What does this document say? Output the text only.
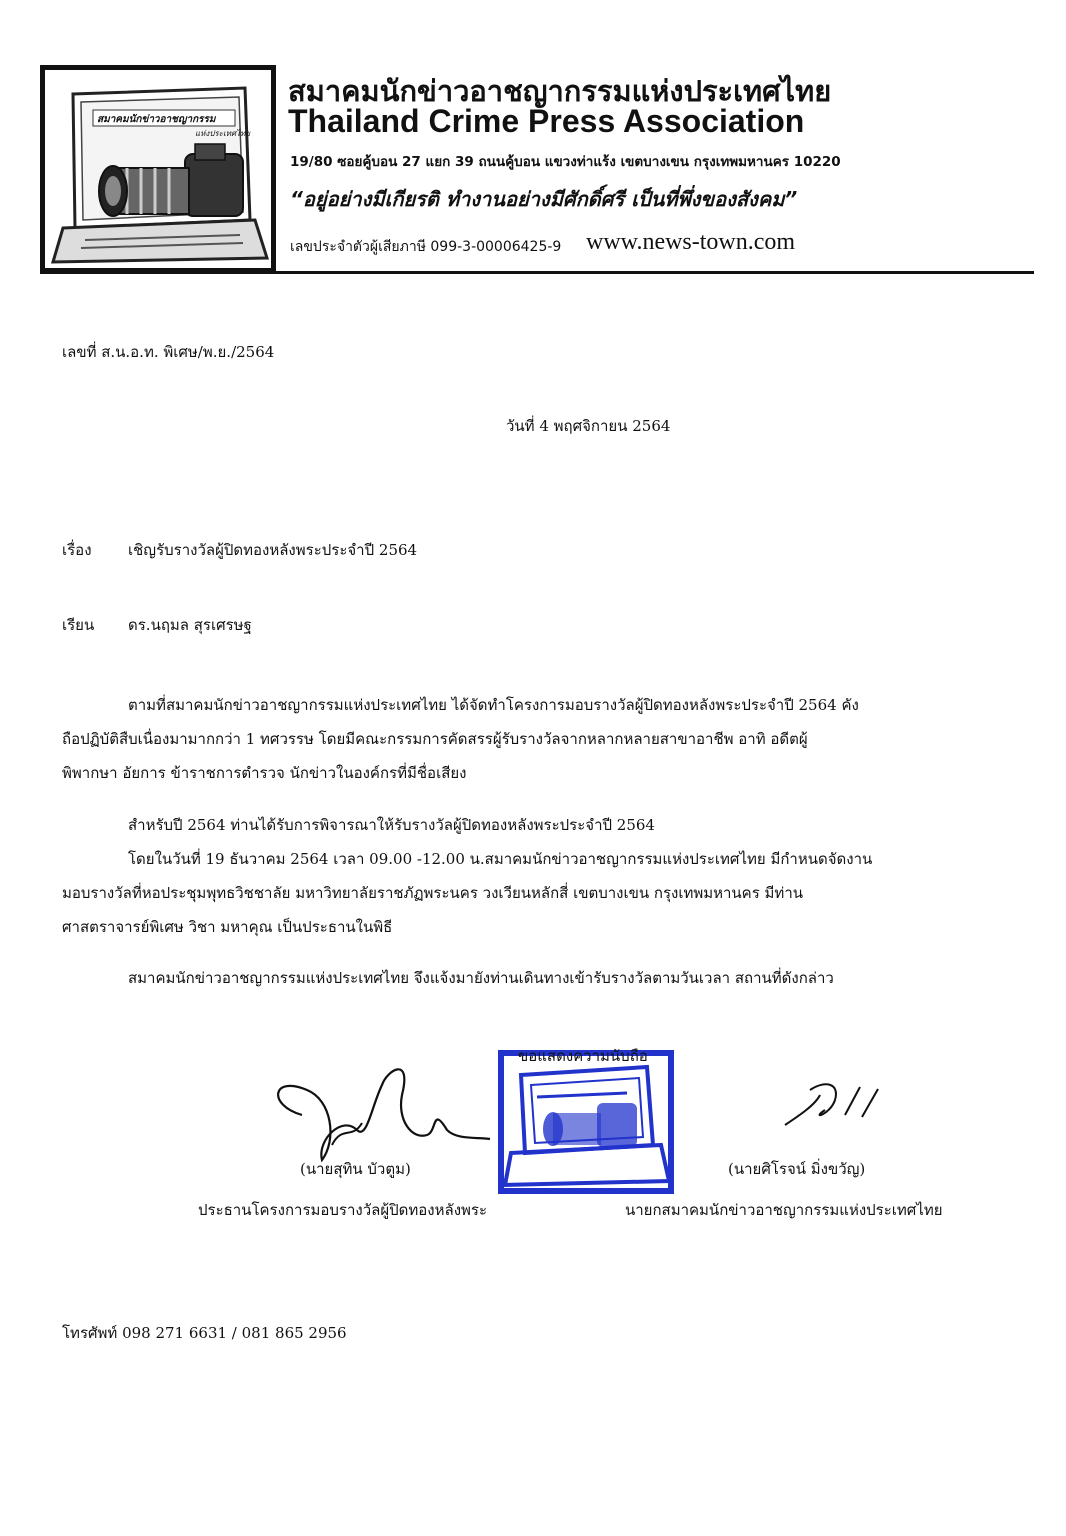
สมาคมนักข่าวอาชญากรรม
แห่งประเทศไทย
สมาคมนักข่าวอาชญากรรมแห่งประเทศไทย
Thailand Crime Press Association
19/80 ซอยคู้บอน 27 แยก 39 ถนนคู้บอน แขวงท่าแร้ง เขตบางเขน กรุงเทพมหานคร 10220
“อยู่อย่างมีเกียรติ ทำงานอย่างมีศักดิ์ศรี เป็นที่พึ่งของสังคม”
เลขประจำตัวผู้เสียภาษี 099-3-00006425-9 www.news-town.com
เลขที่ ส.น.อ.ท. พิเศษ/พ.ย./2564
วันที่ 4 พฤศจิกายน 2564
เรื่อง เชิญรับรางวัลผู้ปิดทองหลังพระประจำปี 2564
เรียน ดร.นฤมล สุรเศรษฐ
ตามที่สมาคมนักข่าวอาชญากรรมแห่งประเทศไทย ได้จัดทำโครงการมอบรางวัลผู้ปิดทองหลังพระประจำปี 2564 คัง
ถือปฏิบัติสืบเนื่องมามากกว่า 1 ทศวรรษ โดยมีคณะกรรมการคัดสรรผู้รับรางวัลจากหลากหลายสาขาอาชีพ อาทิ อดีตผู้
พิพากษา อัยการ ข้าราชการตำรวจ นักข่าวในองค์กรที่มีชื่อเสียง
สำหรับปี 2564 ท่านได้รับการพิจารณาให้รับรางวัลผู้ปิดทองหลังพระประจำปี 2564
โดยในวันที่ 19 ธันวาคม 2564 เวลา 09.00 -12.00 น.สมาคมนักข่าวอาชญากรรมแห่งประเทศไทย มีกำหนดจัดงาน
มอบรางวัลที่หอประชุมพุทธวิชชาลัย มหาวิทยาลัยราชภัฏพระนคร วงเวียนหลักสี่ เขตบางเขน กรุงเทพมหานคร มีท่าน
ศาสตราจารย์พิเศษ วิชา มหาคุณ เป็นประธานในพิธี
สมาคมนักข่าวอาชญากรรมแห่งประเทศไทย จึงแจ้งมายังท่านเดินทางเข้ารับรางวัลตามวันเวลา สถานที่ดังกล่าว
ขอแสดงความนับถือ
(นายสุทิน บัวตูม)	(นายศิโรจน์ มิ่งขวัญ)
ประธานโครงการมอบรางวัลผู้ปิดทองหลังพระ	นายกสมาคมนักข่าวอาชญากรรมแห่งประเทศไทย
โทรศัพท์ 098 271 6631 / 081 865 2956
